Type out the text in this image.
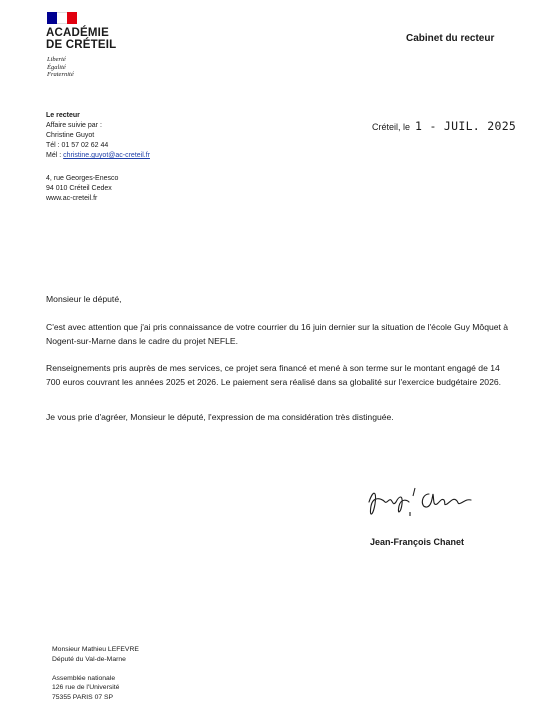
ACADÉMIE
DE CRÉTEIL
Liberté
Égalité
Fraternité
Cabinet du recteur
Le recteur
Affaire suivie par :
Christine Guyot
Tél : 01 57 02 62 44
Mél : christine.guyot@ac-creteil.fr
4, rue Georges-Enesco
94 010 Créteil Cedex
www.ac-creteil.fr
Créteil, le 1 - JUIL. 2025
Monsieur le député,
C'est avec attention que j'ai pris connaissance de votre courrier du 16 juin dernier sur la situation de l'école Guy Môquet à Nogent-sur-Marne dans le cadre du projet NEFLE.
Renseignements pris auprès de mes services, ce projet sera financé et mené à son terme sur le montant engagé de 14 700 euros couvrant les années 2025 et 2026. Le paiement sera réalisé dans sa globalité sur l'exercice budgétaire 2026.
Je vous prie d'agréer, Monsieur le député, l'expression de ma considération très distinguée.
Jean-François Chanet
Monsieur Mathieu LEFEVRE
Député du Val-de-Marne
Assemblée nationale
126 rue de l'Université
75355 PARIS 07 SP
